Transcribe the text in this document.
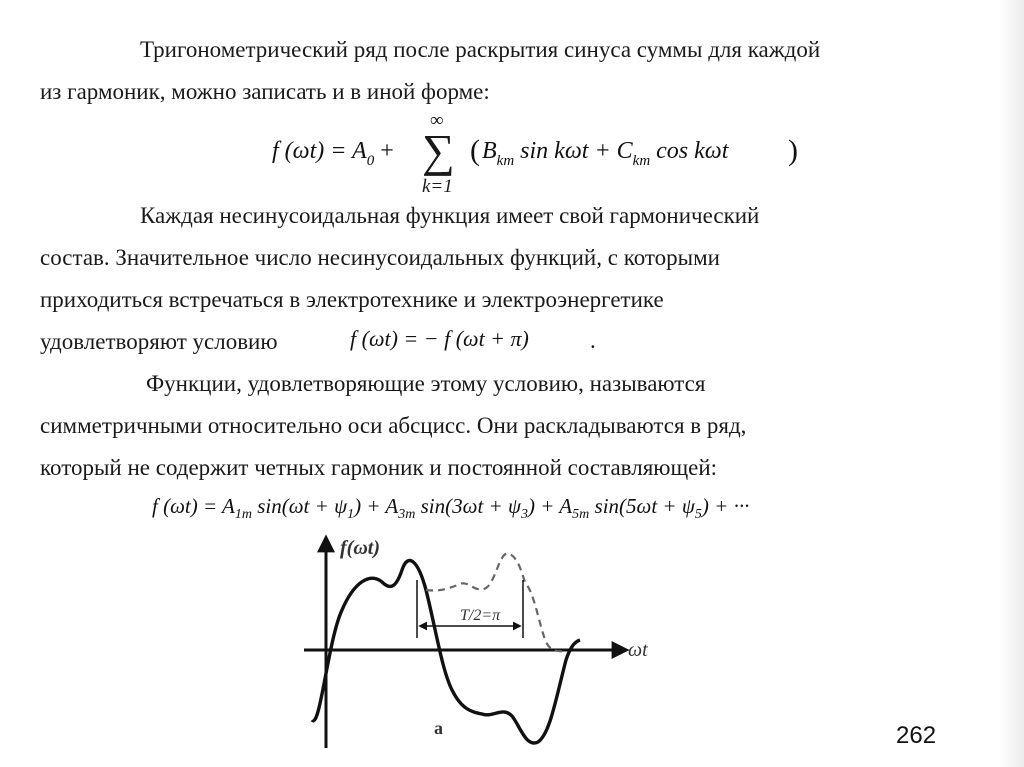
Тригонометрический ряд после раскрытия синуса суммы для каждой

из гармоник, можно записать и в иной форме:

f $(\omega t) = A_0$ +
∞
∑
k=1
( $B_{km}$ $\sin k\omega t + C_{km}$ cos kωt )

Каждая несинусоидальная функция имеет свой гармонический

состав. Значительное число несинусоидальных функций, с которыми

приходиться встречаться в электротехнике и электроэнергетике

удовлетворяют условию	f (ωt) = − f (ωt + π)	.

Функции, удовлетворяющие этому условию, называются

симметричными относительно оси абсцисс. Они раскладываются в ряд,

который не содержит четных гармоник и постоянной составляющей:

f $(\omega t) = A_{1m}$ $\sin(\omega t + \psi_1) + A_{3m}$ $\sin(3\omega t + \psi_3) + A_{5m}$ $\sin(5\omega t + \psi_5)$ + ···
f(ωt)
ωt
T/2=π
a	262
